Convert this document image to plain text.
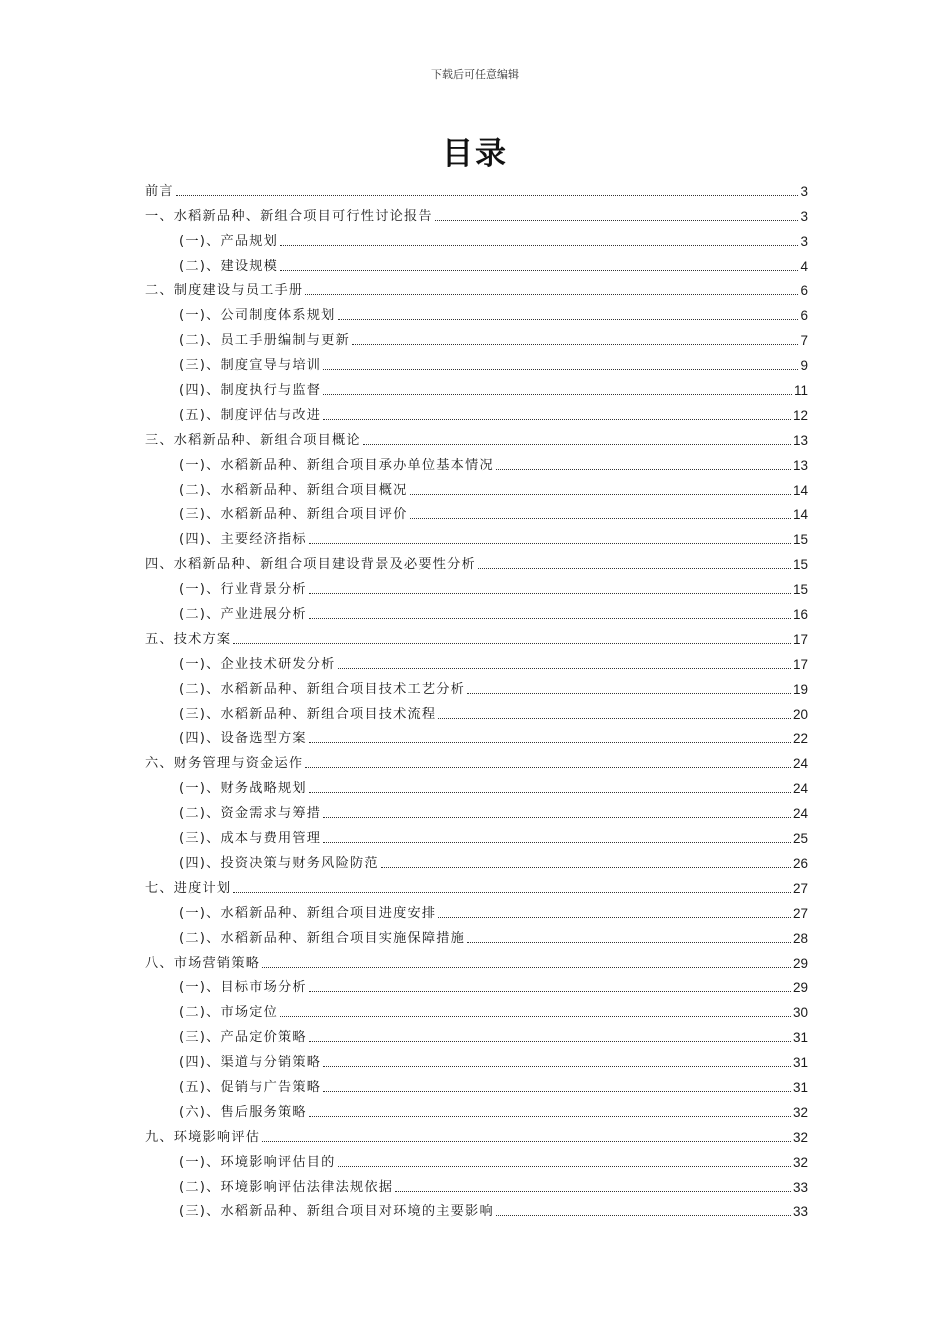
下载后可任意编辑
目录
前言	3
一、水稻新品种、新组合项目可行性讨论报告	3
(一)、产品规划	3
(二)、建设规模	4
二、制度建设与员工手册	6
(一)、公司制度体系规划	6
(二)、员工手册编制与更新	7
(三)、制度宣导与培训	9
(四)、制度执行与监督	11
(五)、制度评估与改进	12
三、水稻新品种、新组合项目概论	13
(一)、水稻新品种、新组合项目承办单位基本情况	13
(二)、水稻新品种、新组合项目概况	14
(三)、水稻新品种、新组合项目评价	14
(四)、主要经济指标	15
四、水稻新品种、新组合项目建设背景及必要性分析	15
(一)、行业背景分析	15
(二)、产业进展分析	16
五、技术方案	17
(一)、企业技术研发分析	17
(二)、水稻新品种、新组合项目技术工艺分析	19
(三)、水稻新品种、新组合项目技术流程	20
(四)、设备选型方案	22
六、财务管理与资金运作	24
(一)、财务战略规划	24
(二)、资金需求与筹措	24
(三)、成本与费用管理	25
(四)、投资决策与财务风险防范	26
七、进度计划	27
(一)、水稻新品种、新组合项目进度安排	27
(二)、水稻新品种、新组合项目实施保障措施	28
八、市场营销策略	29
(一)、目标市场分析	29
(二)、市场定位	30
(三)、产品定价策略	31
(四)、渠道与分销策略	31
(五)、促销与广告策略	31
(六)、售后服务策略	32
九、环境影响评估	32
(一)、环境影响评估目的	32
(二)、环境影响评估法律法规依据	33
(三)、水稻新品种、新组合项目对环境的主要影响	33
